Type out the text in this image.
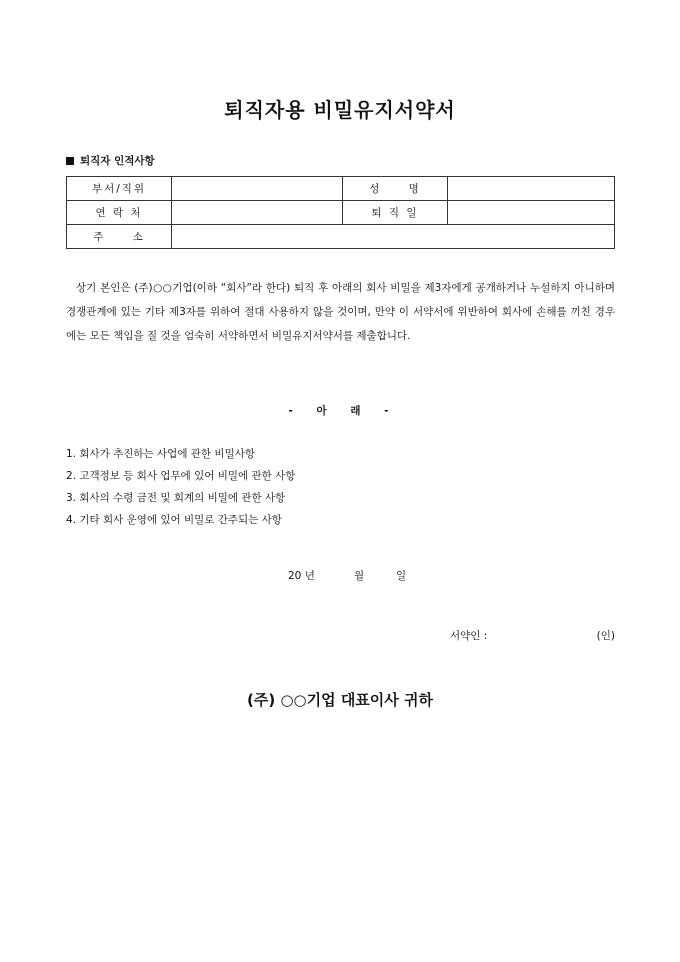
퇴직자용 비밀유지서약서
퇴직자 인적사항
부서/직위		성 명	
연 락 처		퇴 직 일	
주 소			
상기 본인은 (주)○○기업(이하 “회사”라 한다) 퇴직 후 아래의 회사 비밀을 제3자에게 공개하거나 누설하지 아니하며 경쟁관계에 있는 기타 제3자를 위하여 절대 사용하지 않을 것이며, 만약 이 서약서에 위반하여 회사에 손해를 끼친 경우에는 모든 책임을 질 것을 엄숙히 서약하면서 비밀유지서약서를 제출합니다.
- 아 래 -
1. 회사가 추진하는 사업에 관한 비밀사항
2. 고객정보 등 회사 업무에 있어 비밀에 관한 사항
3. 회사의 수령 금전 및 회계의 비밀에 관한 사항
4. 기타 회사 운영에 있어 비밀로 간주되는 사항
20 년	월	일
서약인 :	(인)
(주) ○○기업 대표이사 귀하
